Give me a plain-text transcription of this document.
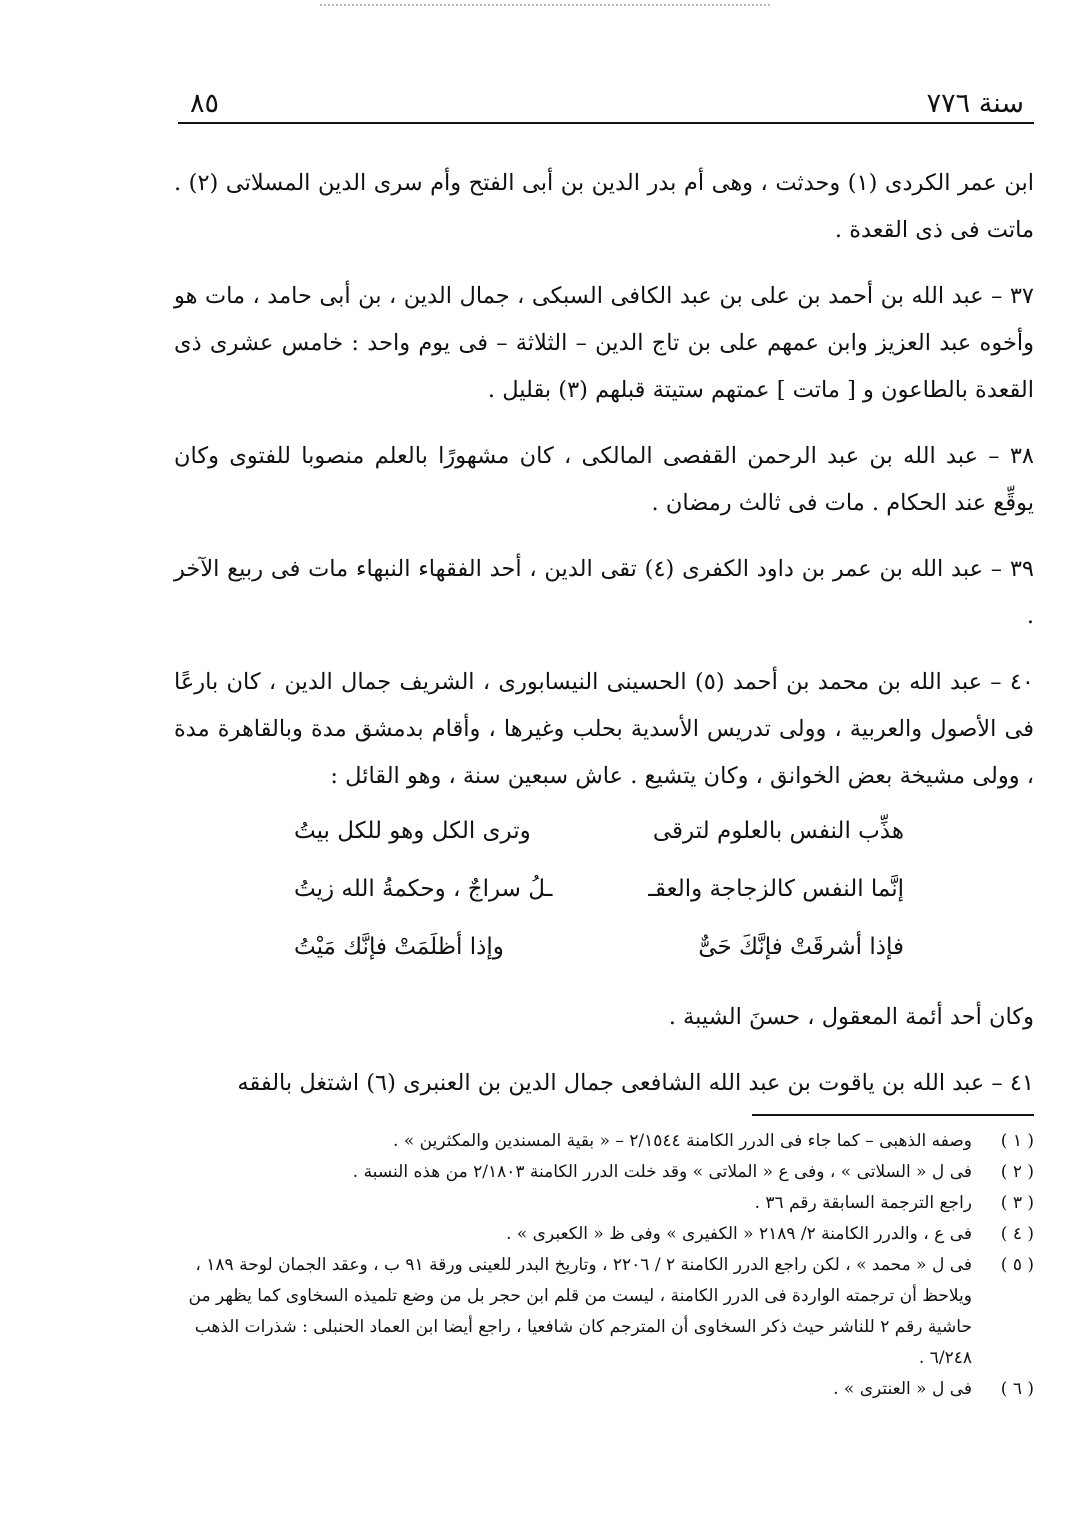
سنة ٧٧٦
٨٥

ابن عمر الكردى (١) وحدثت ، وهى أم بدر الدين بن أبى الفتح وأم سرى الدين المسلاتى (٢) . ماتت فى ذى القعدة .

٣٧ – عبد الله بن أحمد بن على بن عبد الكافى السبكى ، جمال الدين ، بن أبى حامد ، مات هو وأخوه عبد العزيز وابن عمهم على بن تاج الدين – الثلاثة – فى يوم واحد : خامس عشرى ذى القعدة بالطاعون و [ ماتت ] عمتهم ستيتة قبلهم (٣) بقليل .

٣٨ – عبد الله بن عبد الرحمن القفصى المالكى ، كان مشهورًا بالعلم منصوبا للفتوى وكان يوقِّع عند الحكام . مات فى ثالث رمضان .

٣٩ – عبد الله بن عمر بن داود الكفرى (٤) تقى الدين ، أحد الفقهاء النبهاء مات فى ربيع الآخر .

٤٠ – عبد الله بن محمد بن أحمد (٥) الحسينى النيسابورى ، الشريف جمال الدين ، كان بارعًا فى الأصول والعربية ، وولى تدريس الأسدية بحلب وغيرها ، وأقام بدمشق مدة وبالقاهرة مدة ، وولى مشيخة بعض الخوانق ، وكان يتشيع . عاش سبعين سنة ، وهو القائل :

هذِّب النفس بالعلوم لترقى
وترى الكل وهو للكل بيتُ
إنَّما النفس كالزجاجة والعقـ
ـلُ سراجٌ ، وحكمةُ الله زيتُ
فإذا أشرقَتْ فإنَّكَ حَىٌّ
وإذا أظلَمَتْ فإنَّك مَيْتُ

وكان أحد أئمة المعقول ، حسنَ الشيبة .

٤١ – عبد الله بن ياقوت بن عبد الله الشافعى جمال الدين بن العنبرى (٦) اشتغل بالفقه

( ١ )
وصفه الذهبى – كما جاء فى الدرر الكامنة ٢/١٥٤٤ – « بقية المسندين والمكثرين » .
( ٢ )
فى ل « السلاتى » ، وفى ع « الملاتى » وقد خلت الدرر الكامنة ٢/١٨٠٣ من هذه النسبة .
( ٣ )
راجع الترجمة السابقة رقم ٣٦ .
( ٤ )
فى ع ، والدرر الكامنة ٢/ ٢١٨٩ « الكفيرى » وفى ظ « الكعبرى » .
( ٥ )
فى ل « محمد » ، لكن راجع الدرر الكامنة ٢ / ٢٢٠٦ ، وتاريخ البدر للعينى ورقة ٩١ ب ، وعقد الجمان لوحة ١٨٩ ، ويلاحظ أن ترجمته الواردة فى الدرر الكامنة ، ليست من قلم ابن حجر بل من وضع تلميذه السخاوى كما يظهر من حاشية رقم ٢ للناشر حيث ذكر السخاوى أن المترجم كان شافعيا ، راجع أيضا ابن العماد الحنبلى : شذرات الذهب ٦/٢٤٨ .
( ٦ )
فى ل « العنترى » .
